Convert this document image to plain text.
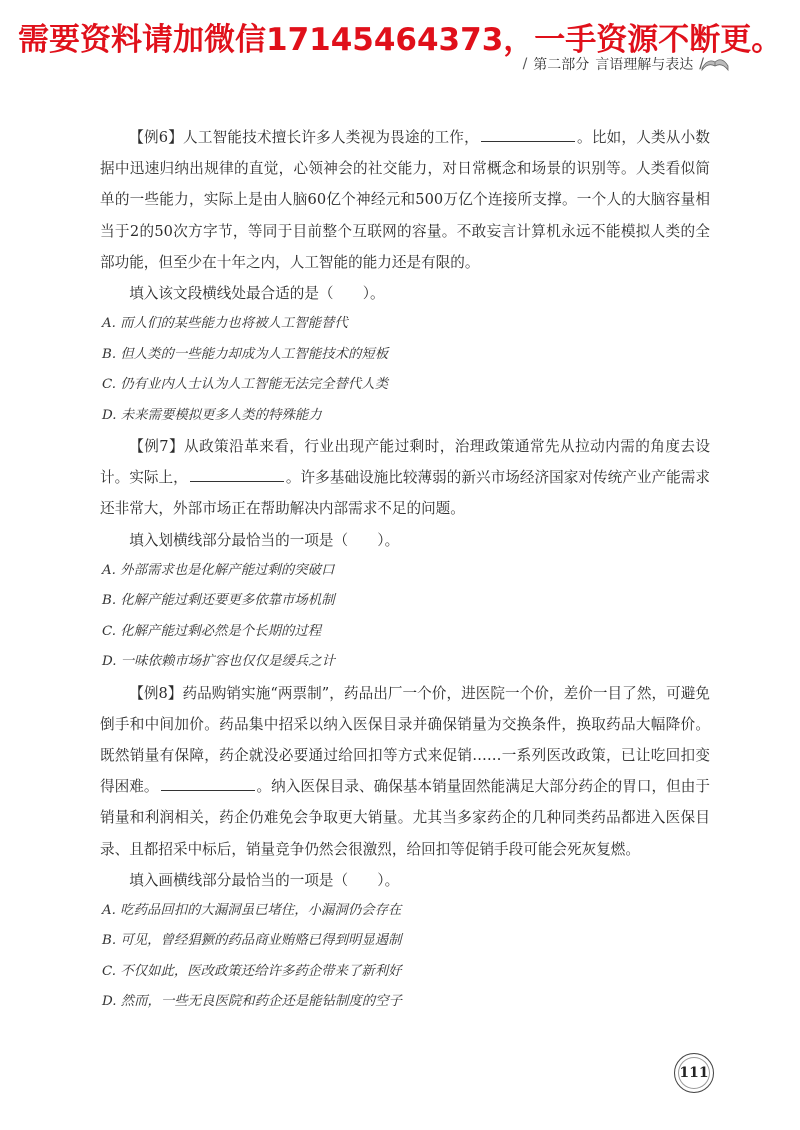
需要资料请加微信17145464373，一手资源不断更。
/ 第二部分 言语理解与表达 /

【例6】人工智能技术擅长许多人类视为畏途的工作，	。比如，人类从小数据中迅速归纳出规律的直觉，心领神会的社交能力，对日常概念和场景的识别等。人类看似简单的一些能力，实际上是由人脑60亿个神经元和500万亿个连接所支撑。一个人的大脑容量相当于2的50次方字节，等同于目前整个互联网的容量。不敢妄言计算机永远不能模拟人类的全部功能，但至少在十年之内，人工智能的能力还是有限的。

填入该文段横线处最合适的是（　　）。

A. 而人们的某些能力也将被人工智能替代

B. 但人类的一些能力却成为人工智能技术的短板

C. 仍有业内人士认为人工智能无法完全替代人类

D. 未来需要模拟更多人类的特殊能力

【例7】从政策沿革来看，行业出现产能过剩时，治理政策通常先从拉动内需的角度去设计。实际上，	。许多基础设施比较薄弱的新兴市场经济国家对传统产业产能需求还非常大，外部市场正在帮助解决内部需求不足的问题。

填入划横线部分最恰当的一项是（　　）。

A. 外部需求也是化解产能过剩的突破口

B. 化解产能过剩还要更多依靠市场机制

C. 化解产能过剩必然是个长期的过程

D. 一味依赖市场扩容也仅仅是缓兵之计

【例8】药品购销实施“两票制”，药品出厂一个价，进医院一个价，差价一目了然，可避免倒手和中间加价。药品集中招采以纳入医保目录并确保销量为交换条件，换取药品大幅降价。既然销量有保障，药企就没必要通过给回扣等方式来促销……一系列医改政策，已让吃回扣变得困难。	。纳入医保目录、确保基本销量固然能满足大部分药企的胃口，但由于销量和利润相关，药企仍难免会争取更大销量。尤其当多家药企的几种同类药品都进入医保目录、且都招采中标后，销量竞争仍然会很激烈，给回扣等促销手段可能会死灰复燃。

填入画横线部分最恰当的一项是（　　）。

A. 吃药品回扣的大漏洞虽已堵住，小漏洞仍会存在

B. 可见，曾经猖獗的药品商业贿赂已得到明显遏制

C. 不仅如此，医改政策还给许多药企带来了新利好

D. 然而，一些无良医院和药企还是能钻制度的空子

111
